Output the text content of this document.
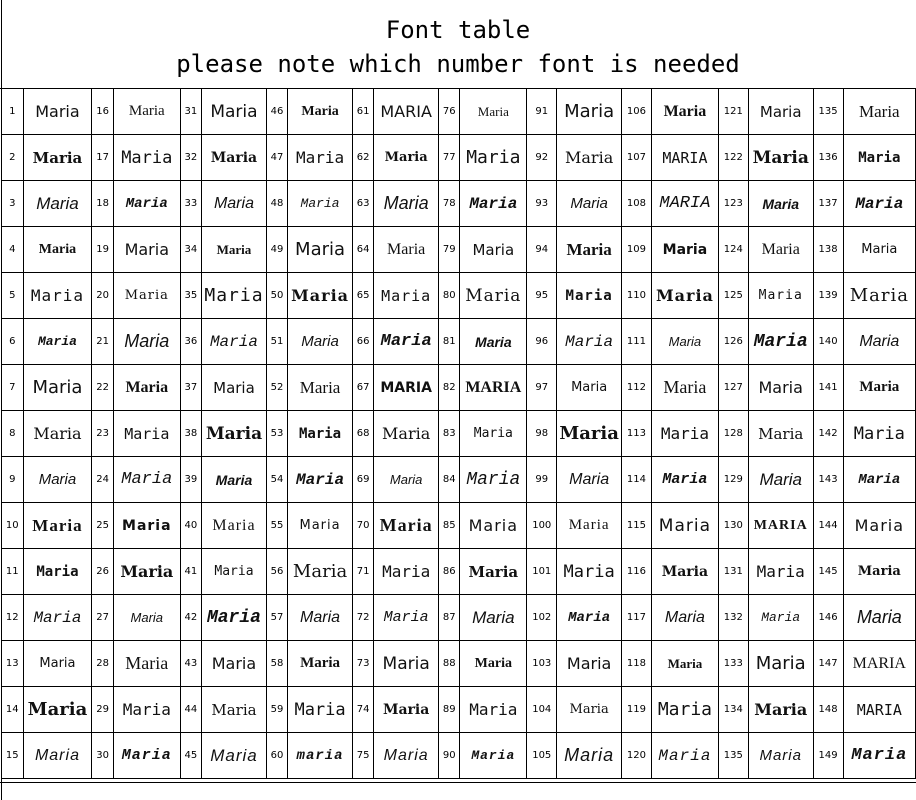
Font table
please note which number font is needed
1	Maria	16	Maria	31	Maria	46	Maria	61	MARIA	76	Maria	91	Maria	106	Maria	121	Maria	135	Maria
2	Maria	17	Maria	32	Maria	47	Maria	62	Maria	77	Maria	92	Maria	107	MARIA	122	Maria	136	Maria
3	Maria	18	Maria	33	Maria	48	Maria	63	Maria	78	Maria	93	Maria	108	MARIA	123	Maria	137	Maria
4	Maria	19	Maria	34	Maria	49	Maria	64	Maria	79	Maria	94	Maria	109	Maria	124	Maria	138	Maria
5	Maria	20	Maria	35	Maria	50	Maria	65	Maria	80	Maria	95	Maria	110	Maria	125	Maria	139	Maria
6	Maria	21	Maria	36	Maria	51	Maria	66	Maria	81	Maria	96	Maria	111	Maria	126	Maria	140	Maria
7	Maria	22	Maria	37	Maria	52	Maria	67	MARIA	82	MARIA	97	Maria	112	Maria	127	Maria	141	Maria
8	Maria	23	Maria	38	Maria	53	Maria	68	Maria	83	Maria	98	Maria	113	Maria	128	Maria	142	Maria
9	Maria	24	Maria	39	Maria	54	Maria	69	Maria	84	Maria	99	Maria	114	Maria	129	Maria	143	Maria
10	Maria	25	Maria	40	Maria	55	Maria	70	Maria	85	Maria	100	Maria	115	Maria	130	MARIA	144	Maria
11	Maria	26	Maria	41	Maria	56	Maria	71	Maria	86	Maria	101	Maria	116	Maria	131	Maria	145	Maria
12	Maria	27	Maria	42	Maria	57	Maria	72	Maria	87	Maria	102	Maria	117	Maria	132	Maria	146	Maria
13	Maria	28	Maria	43	Maria	58	Maria	73	Maria	88	Maria	103	Maria	118	Maria	133	Maria	147	MARIA
14	Maria	29	Maria	44	Maria	59	Maria	74	Maria	89	Maria	104	Maria	119	Maria	134	Maria	148	MARIA
15	Maria	30	Maria	45	Maria	60	maria	75	Maria	90	Maria	105	Maria	120	Maria	135	Maria	149	Maria
